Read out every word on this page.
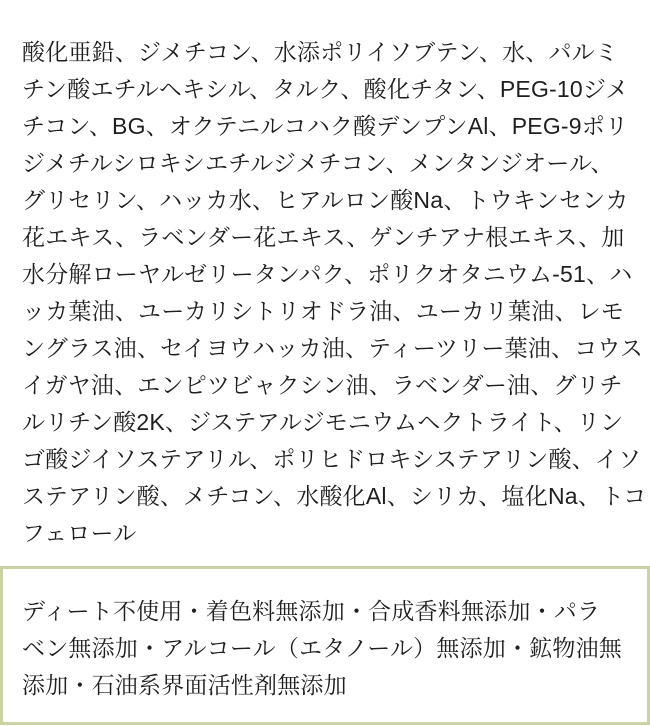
酸化亜鉛、ジメチコン、水添ポリイソブテン、水、パルミ
チン酸エチルヘキシル、タルク、酸化チタン、PEG-10ジメ
チコン、BG、オクテニルコハク酸デンプンAl、PEG-9ポリ
ジメチルシロキシエチルジメチコン、メンタンジオール、
グリセリン、ハッカ水、ヒアルロン酸Na、トウキンセンカ
花エキス、ラベンダー花エキス、ゲンチアナ根エキス、加
水分解ローヤルゼリータンパク、ポリクオタニウム-51、ハ
ッカ葉油、ユーカリシトリオドラ油、ユーカリ葉油、レモ
ングラス油、セイヨウハッカ油、ティーツリー葉油、コウス
イガヤ油、エンピツビャクシン油、ラベンダー油、グリチ
ルリチン酸2K、ジステアルジモニウムヘクトライト、リン
ゴ酸ジイソステアリル、ポリヒドロキシステアリン酸、イソ
ステアリン酸、メチコン、水酸化Al、シリカ、塩化Na、トコ
フェロール
ディート不使用・着色料無添加・合成香料無添加・パラ
ベン無添加・アルコール（エタノール）無添加・鉱物油無
添加・石油系界面活性剤無添加
